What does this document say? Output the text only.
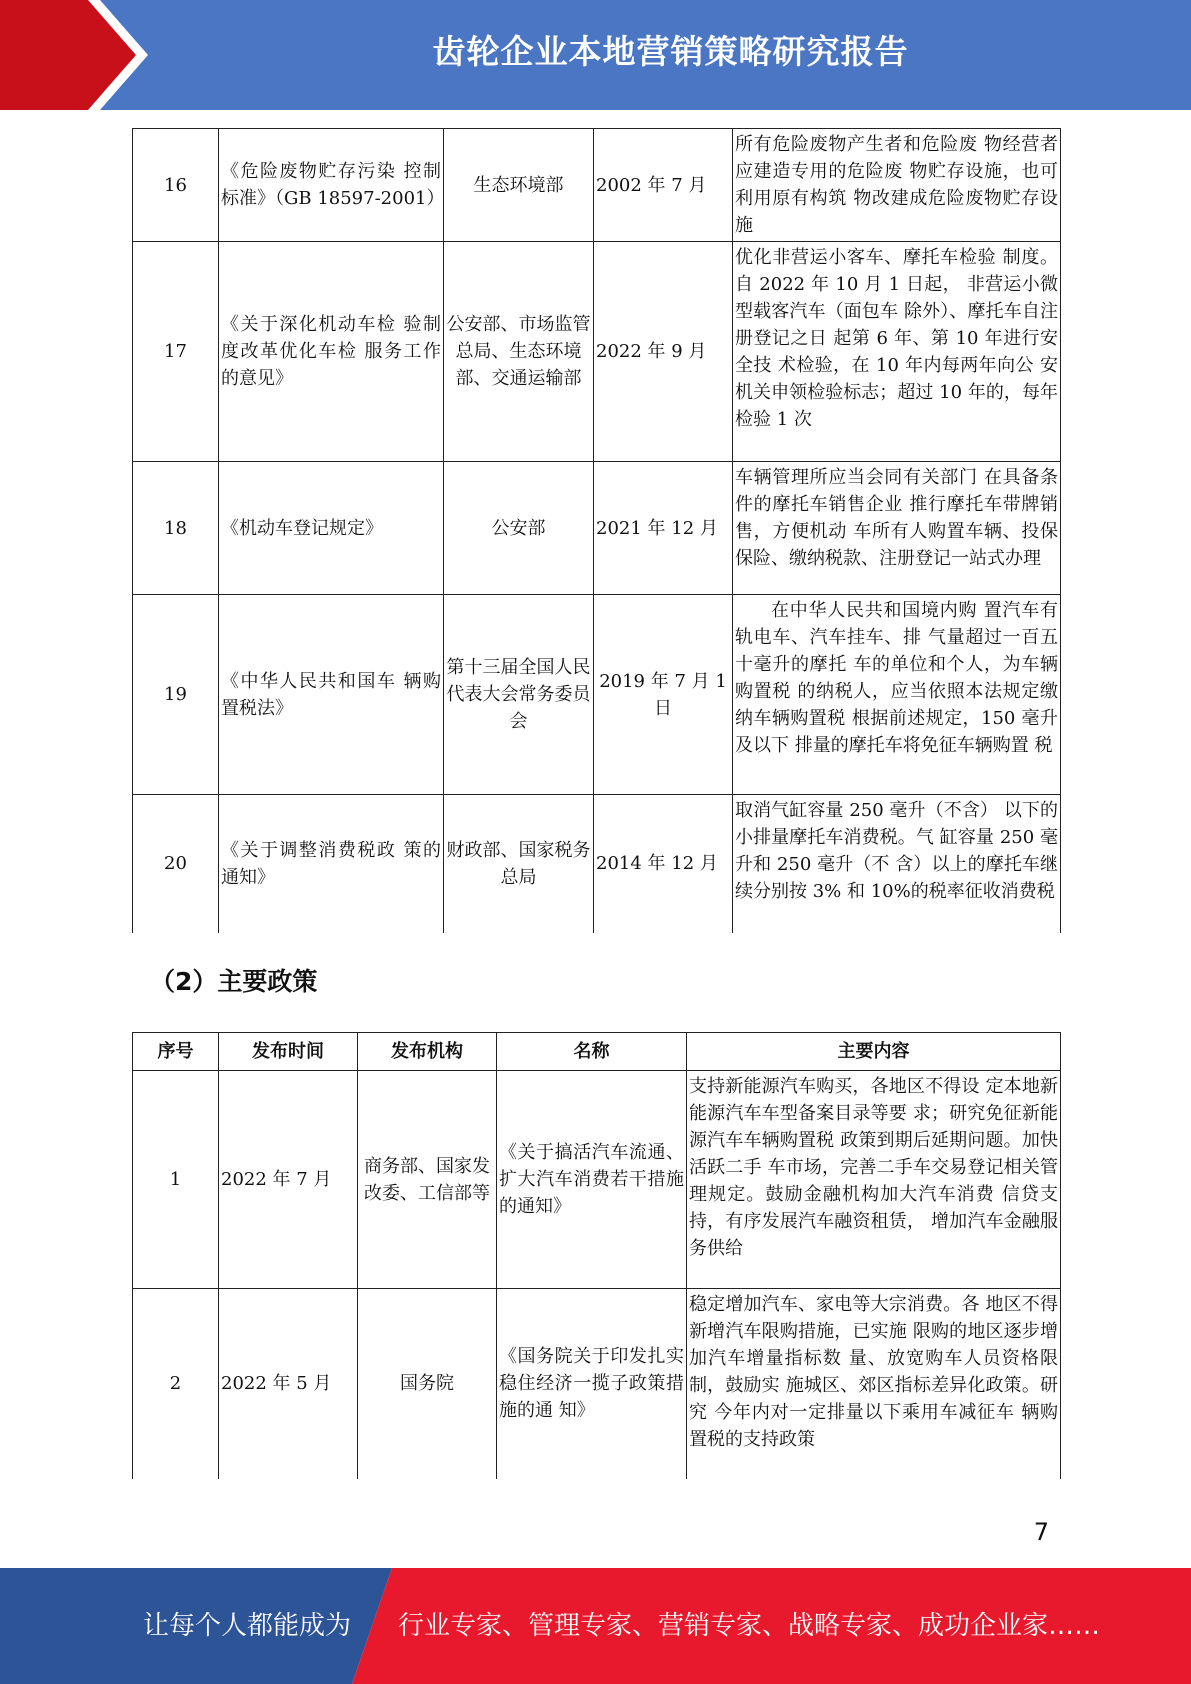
齿轮企业本地营销策略研究报告
16	《危险废物贮存污染 控制标准》（GB 18597-2001）	生态环境部	2002 年 7 月	所有危险废物产生者和危险废 物经营者应建造专用的危险废 物贮存设施，也可利用原有构筑 物改建成危险废物贮存设施
17	《关于深化机动车检 验制度改革优化车检 服务工作的意见》	公安部、市场监管总局、生态环境部、交通运输部	2022 年 9 月	优化非营运小客车、摩托车检验 制度。自 2022 年 10 月 1 日起， 非营运小微型载客汽车（面包车 除外）、摩托车自注册登记之日 起第 6 年、第 10 年进行安全技 术检验，在 10 年内每两年向公 安机关申领检验标志；超过 10 年的，每年检验 1 次
18	《机动车登记规定》	公安部	2021 年 12 月	车辆管理所应当会同有关部门 在具备条件的摩托车销售企业 推行摩托车带牌销售，方便机动 车所有人购置车辆、投保保险、缴纳税款、注册登记一站式办理
19	《中华人民共和国车 辆购置税法》	第十三届全国人民代表大会常务委员会	2019 年 7 月 1 日	在中华人民共和国境内购 置汽车有轨电车、汽车挂车、排 气量超过一百五十毫升的摩托 车的单位和个人，为车辆购置税 的纳税人，应当依照本法规定缴 纳车辆购置税 根据前述规定，150 毫升及以下 排量的摩托车将免征车辆购置 税
20	《关于调整消费税政 策的通知》	财政部、国家税务总局	2014 年 12 月	取消气缸容量 250 毫升（不含） 以下的小排量摩托车消费税。气 缸容量 250 毫升和 250 毫升（不 含）以上的摩托车继续分别按 3% 和 10%的税率征收消费税
（2）主要政策
序号	发布时间	发布机构	名称	主要内容
1	2022 年 7 月	商务部、国家发改委、工信部等	《关于搞活汽车流通、扩大汽车消费若干措施的通知》	支持新能源汽车购买，各地区不得设 定本地新能源汽车车型备案目录等要 求；研究免征新能源汽车车辆购置税 政策到期后延期问题。加快活跃二手 车市场，完善二手车交易登记相关管 理规定。鼓励金融机构加大汽车消费 信贷支持，有序发展汽车融资租赁， 增加汽车金融服务供给
2	2022 年 5 月	国务院	《国务院关于印发扎实稳住经济一揽子政策措施的通 知》	稳定增加汽车、家电等大宗消费。各 地区不得新增汽车限购措施，已实施 限购的地区逐步增加汽车增量指标数 量、放宽购车人员资格限制，鼓励实 施城区、郊区指标差异化政策。研究 今年内对一定排量以下乘用车减征车 辆购置税的支持政策
7
让每个人都能成为 行业专家、管理专家、营销专家、战略专家、成功企业家……
